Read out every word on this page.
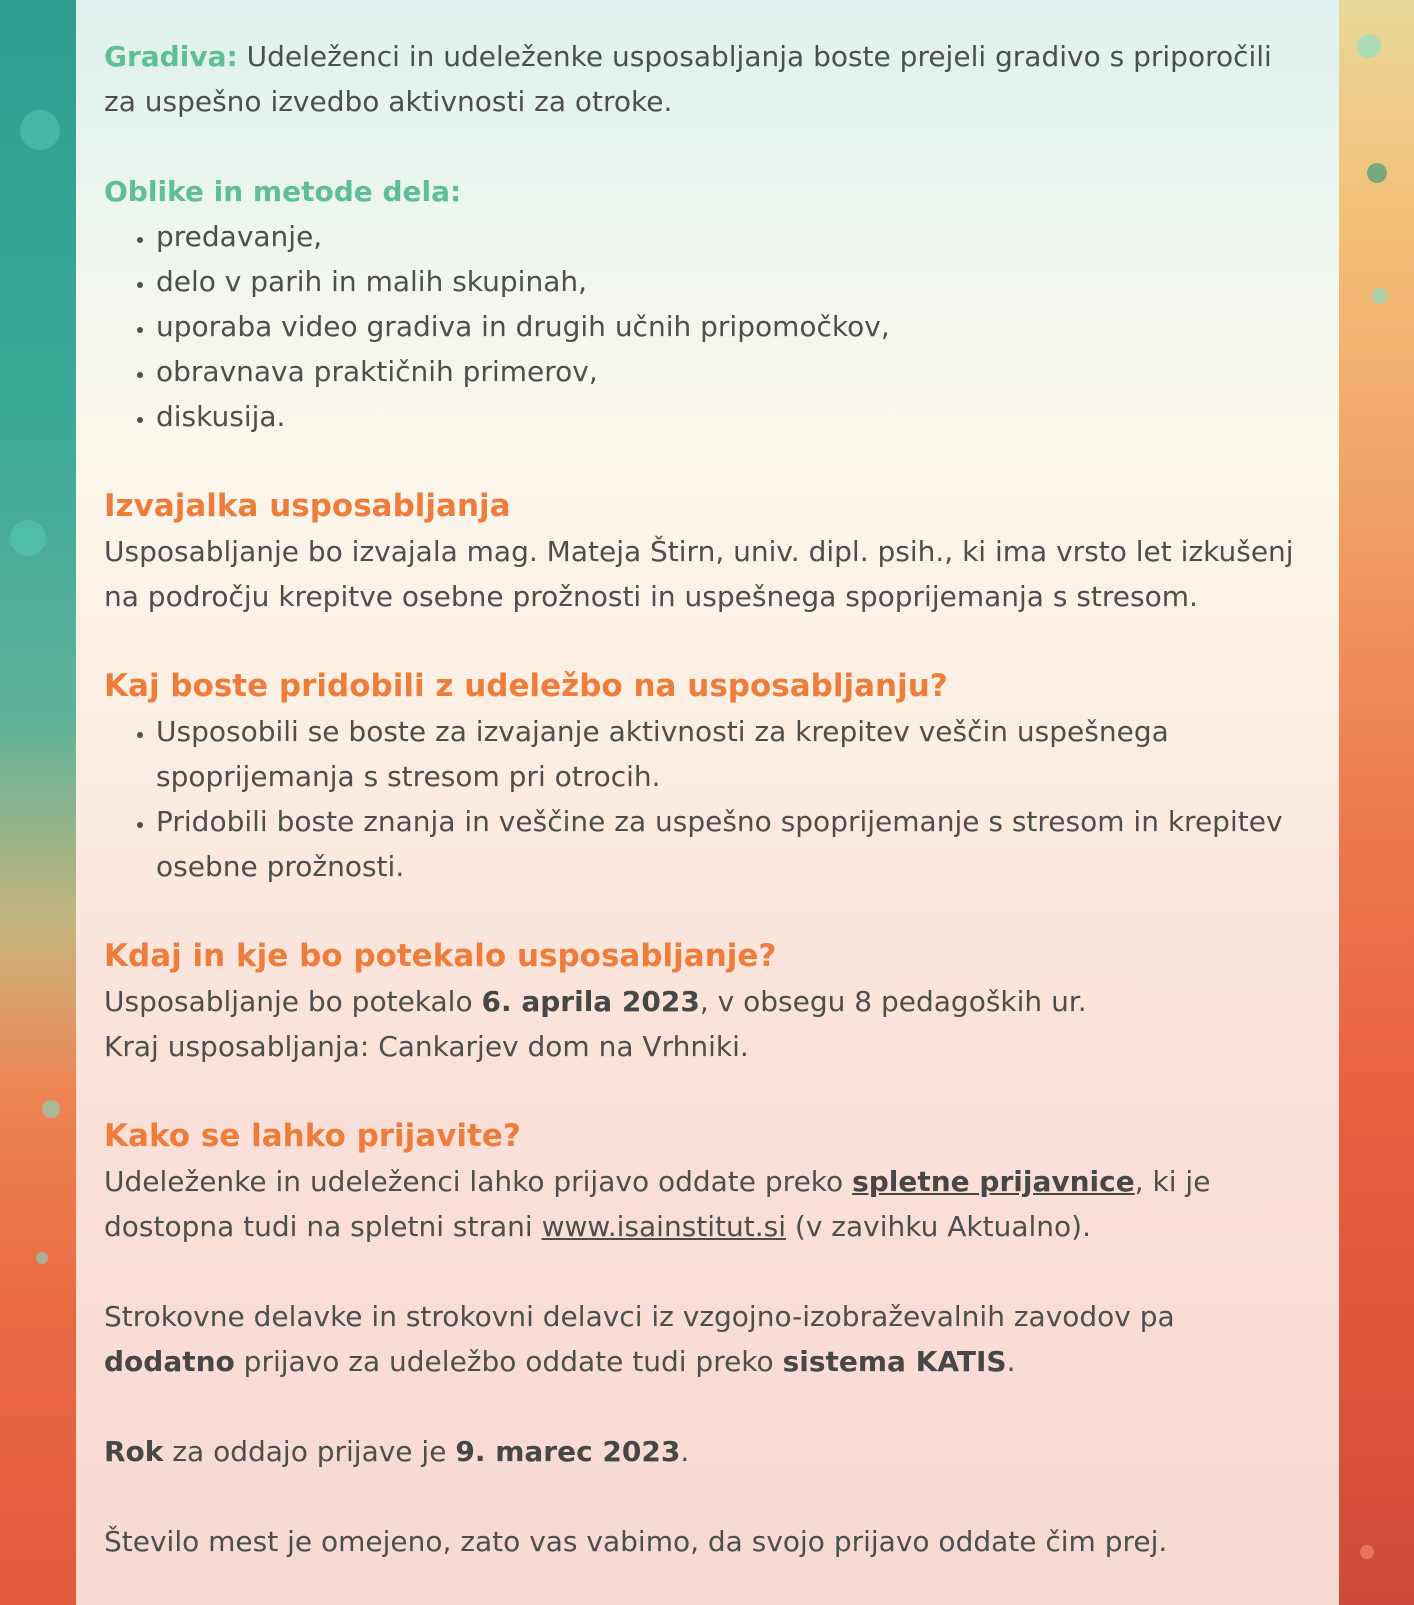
Gradiva: Udeleženci in udeleženke usposabljanja boste prejeli gradivo s priporočili za uspešno izvedbo aktivnosti za otroke.

Oblike in metode dela:

• predavanje,
• delo v parih in malih skupinah,
• uporaba video gradiva in drugih učnih pripomočkov,
• obravnava praktičnih primerov,
• diskusija.

Izvajalka usposabljanja

Usposabljanje bo izvajala mag. Mateja Štirn, univ. dipl. psih., ki ima vrsto let izkušenj na področju krepitve osebne prožnosti in uspešnega spoprijemanja s stresom.

Kaj boste pridobili z udeležbo na usposabljanju?

• Usposobili se boste za izvajanje aktivnosti za krepitev veščin uspešnega spoprijemanja s stresom pri otrocih.
• Pridobili boste znanja in veščine za uspešno spoprijemanje s stresom in krepitev osebne prožnosti.

Kdaj in kje bo potekalo usposabljanje?

Usposabljanje bo potekalo 6. aprila 2023, v obsegu 8 pedagoških ur.

Kraj usposabljanja: Cankarjev dom na Vrhniki.

Kako se lahko prijavite?

Udeleženke in udeleženci lahko prijavo oddate preko spletne prijavnice, ki je dostopna tudi na spletni strani www.isainstitut.si (v zavihku Aktualno).

Strokovne delavke in strokovni delavci iz vzgojno-izobraževalnih zavodov pa dodatno prijavo za udeležbo oddate tudi preko sistema KATIS.

Rok za oddajo prijave je 9. marec 2023.

Število mest je omejeno, zato vas vabimo, da svojo prijavo oddate čim prej.
